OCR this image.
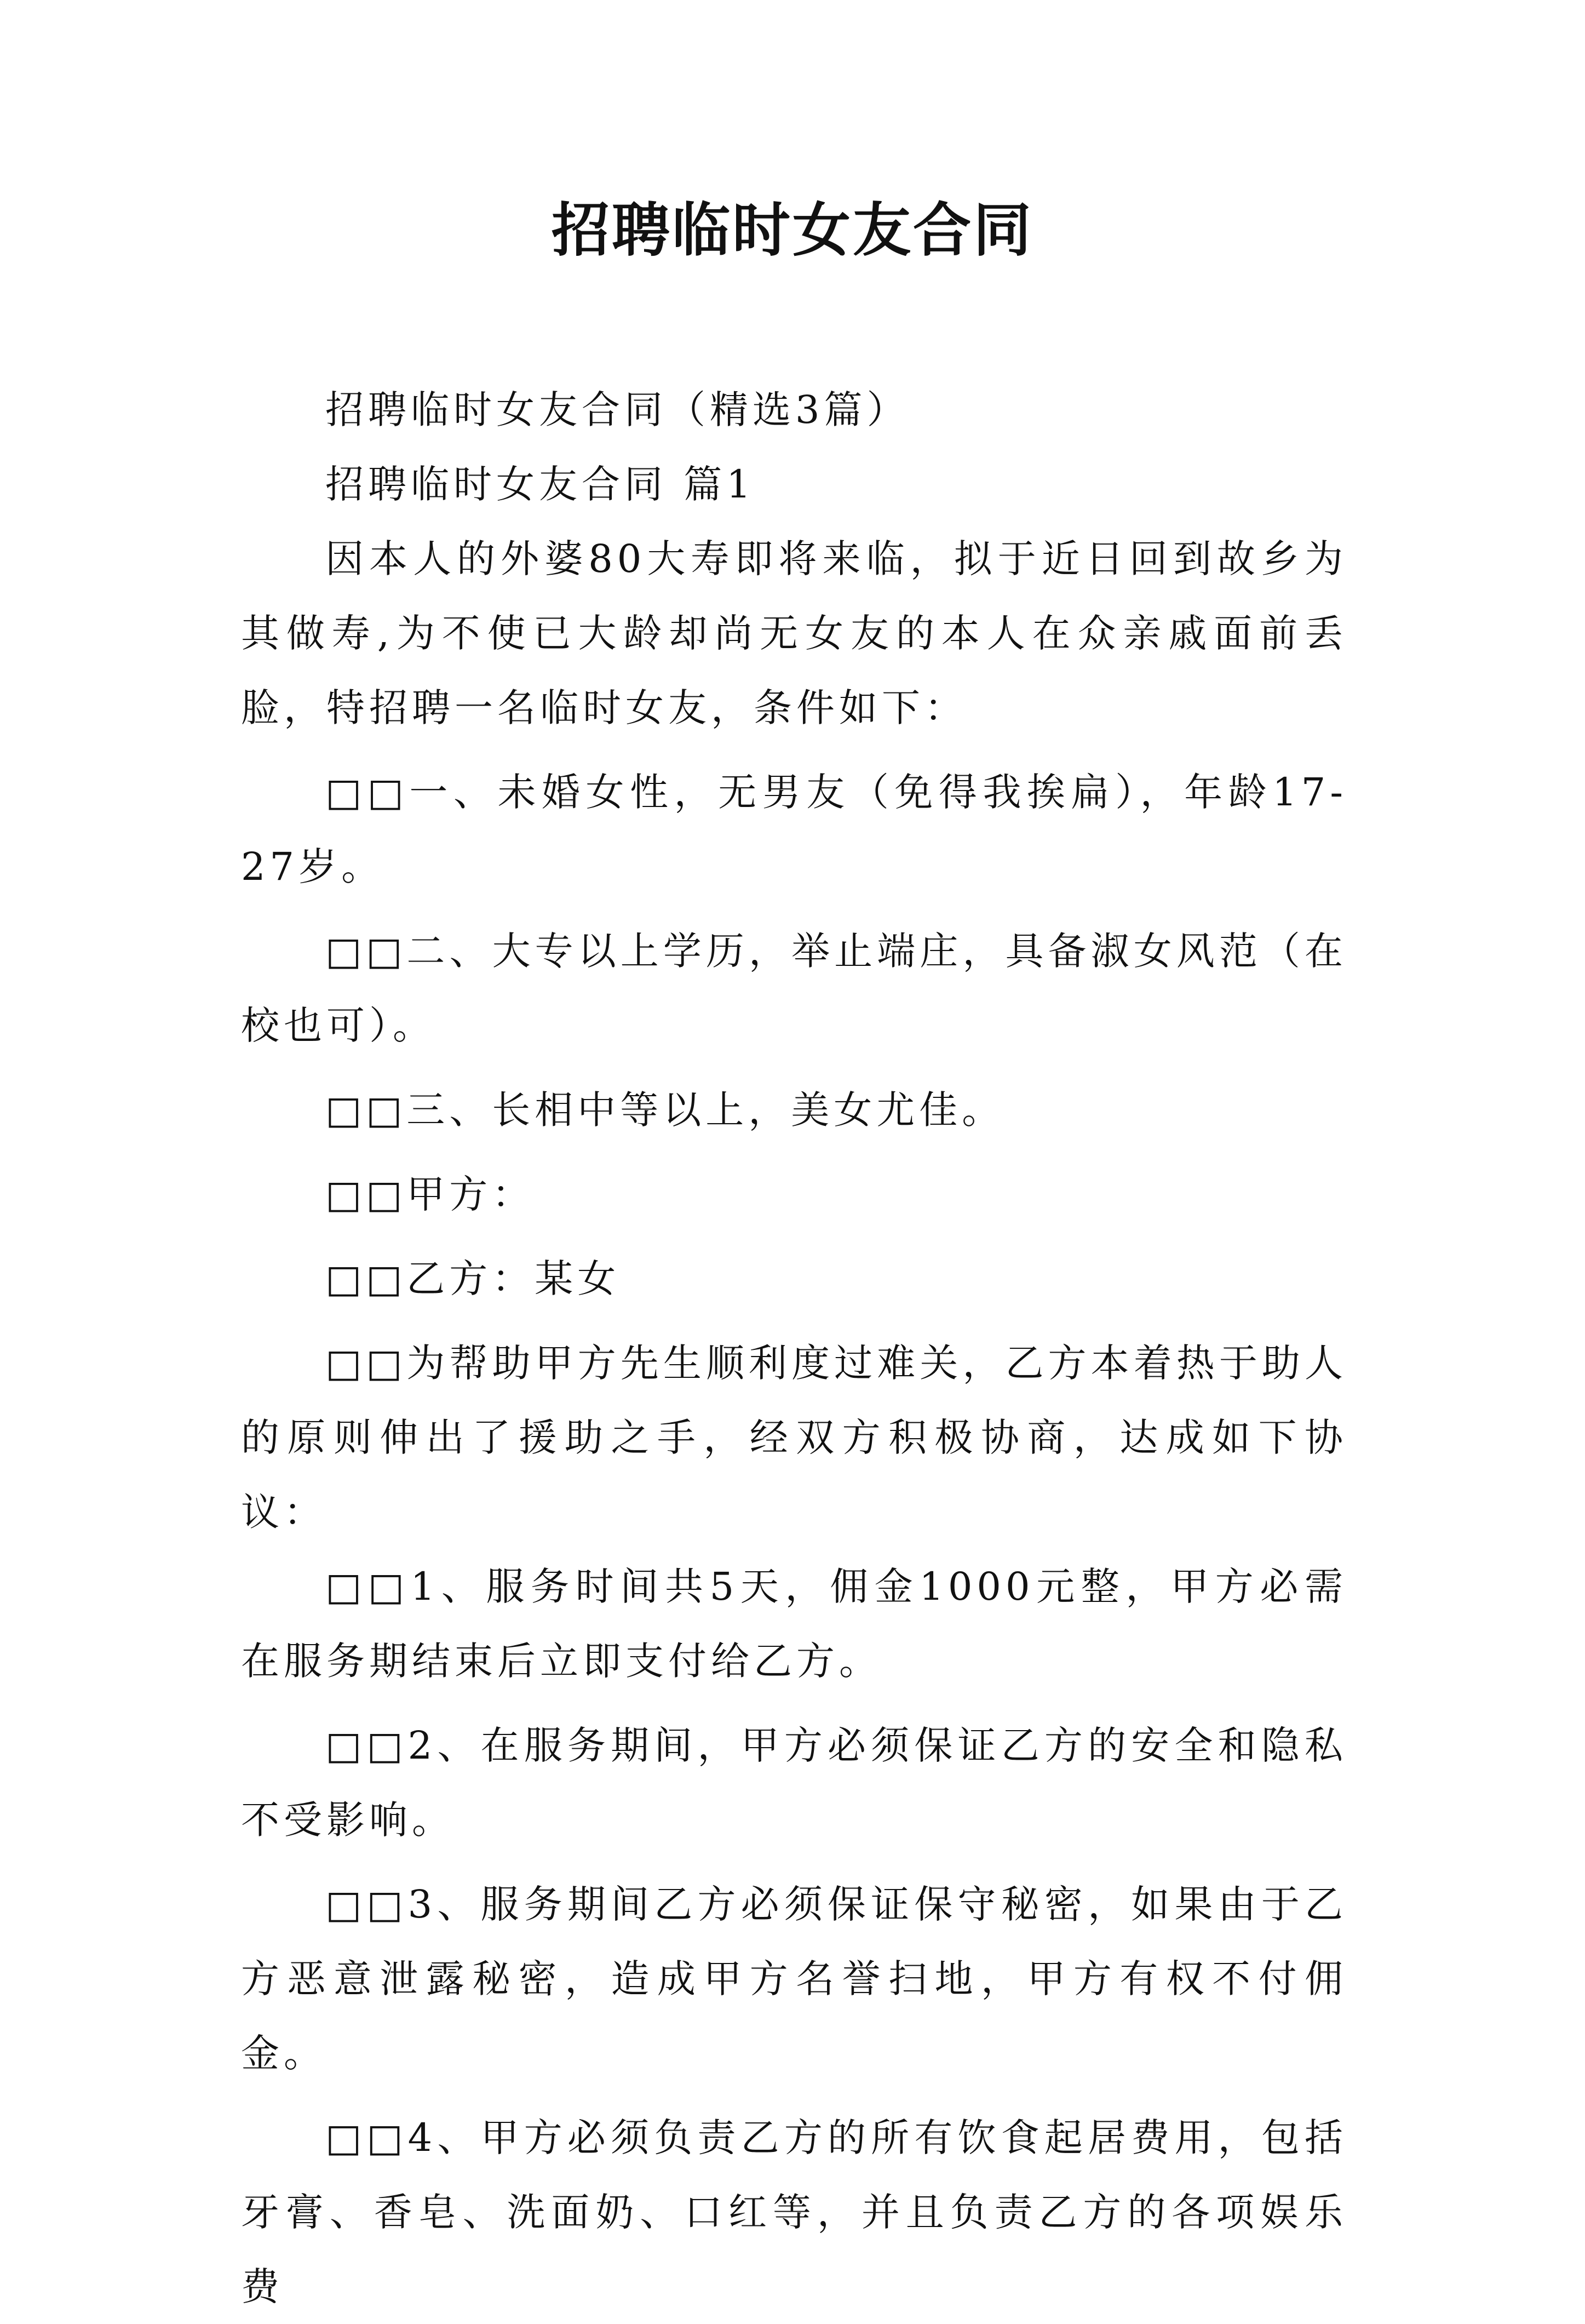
招聘临时女友合同

招聘临时女友合同（精选3篇）

招聘临时女友合同 篇1

因本人的外婆80大寿即将来临，拟于近日回到故乡为其做寿,为不使已大龄却尚无女友的本人在众亲戚面前丢脸，特招聘一名临时女友，条件如下：

□□一、未婚女性，无男友（免得我挨扁），年龄17-27岁。

□□二、大专以上学历，举止端庄，具备淑女风范（在校也可）。

□□三、长相中等以上，美女尤佳。

□□甲方：

□□乙方：某女

□□为帮助甲方先生顺利度过难关，乙方本着热于助人的原则伸出了援助之手，经双方积极协商，达成如下协议：

□□1、服务时间共5天，佣金1000元整，甲方必需在服务期结束后立即支付给乙方。

□□2、在服务期间，甲方必须保证乙方的安全和隐私不受影响。

□□3、服务期间乙方必须保证保守秘密，如果由于乙方恶意泄露秘密，造成甲方名誉扫地，甲方有权不付佣金。

□□4、甲方必须负责乙方的所有饮食起居费用，包括牙膏、香皂、洗面奶、口红等，并且负责乙方的各项娱乐费
